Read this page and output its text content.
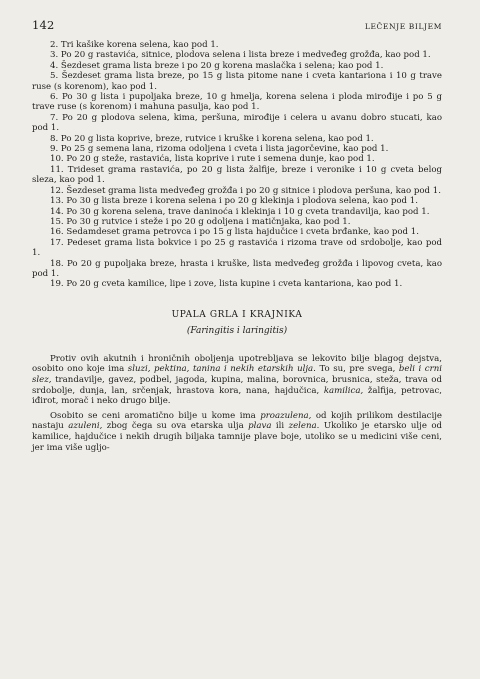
142	LEČENJE BILJEM
2. Tri kašike korena selena, kao pod 1.
3. Po 20 g rastavića, sitnice, plodova selena i lista breze i medveđeg grožđa, kao pod 1.
4. Šezdeset grama lista breze i po 20 g korena maslačka i selena; kao pod 1.
5. Šezdeset grama lista breze, po 15 g lista pitome nane i cveta kantariona i 10 g trave ruse (s korenom), kao pod 1.
6. Po 30 g lista i pupoljaka breze, 10 g hmelja, korena selena i ploda mirođije i po 5 g trave ruse (s korenom) i mahuna pasulja, kao pod 1.
7. Po 20 g plodova selena, kima, peršuna, mirođije i celera u avanu dobro stucati, kao pod 1.
8. Po 20 g lista koprive, breze, rutvice i kruške i korena selena, kao pod 1.
9. Po 25 g semena lana, rizoma odoljena i cveta i lista jagorčevine, kao pod 1.
10. Po 20 g steže, rastavića, lista koprive i rute i semena dunje, kao pod 1.
11. Trideset grama rastavića, po 20 g lista žalfije, breze i veronike i 10 g cveta belog sleza, kao pod 1.
12. Šezdeset grama lista medveđeg grožđa i po 20 g sitnice i plodova peršuna, kao pod 1.
13. Po 30 g lista breze i korena selena i po 20 g klekinja i plodova selena, kao pod 1.
14. Po 30 g korena selena, trave daninoća i klekinja i 10 g cveta trandavilja, kao pod 1.
15. Po 30 g rutvice i steže i po 20 g odoljena i matičnjaka, kao pod 1.
16. Sedamdeset grama petrovca i po 15 g lista hajdučice i cveta brđanke, kao pod 1.
17. Pedeset grama lista bokvice i po 25 g rastavića i rizoma trave od srdobolje, kao pod 1.
18. Po 20 g pupoljaka breze, hrasta i kruške, lista medveđeg grožđa i lipovog cveta, kao pod 1.
19. Po 20 g cveta kamilice, lipe i zove, lista kupine i cveta kantariona, kao pod 1.
UPALA GRLA I KRAJNIKA
(Faringitis i laringitis)

Protiv ovih akutnih i hroničnih oboljenja upotrebljava se lekovito bilje blagog dejstva, osobito ono koje ima sluzi, pektina, tanina i nekih etarskih ulja. To su, pre svega, beli i crni slez, trandavilje, gavez, podbel, jagoda, kupina, malina, borovnica, brusnica, steža, trava od srdobolje, dunja, lan, srčenjak, hrastova kora, nana, hajdučica, kamilica, žalfija, petrovac, iđirot, morač i neko drugo bilje.

Osobito se ceni aromatično bilje u kome ima proazulena, od kojih prilikom destilacije nastaju azuleni, zbog čega su ova etarska ulja plava ili zelena. Ukoliko je etarsko ulje od kamilice, hajdučice i nekih drugih biljaka tamnije plave boje, utoliko se u medicini više ceni, jer ima više ugljo-
